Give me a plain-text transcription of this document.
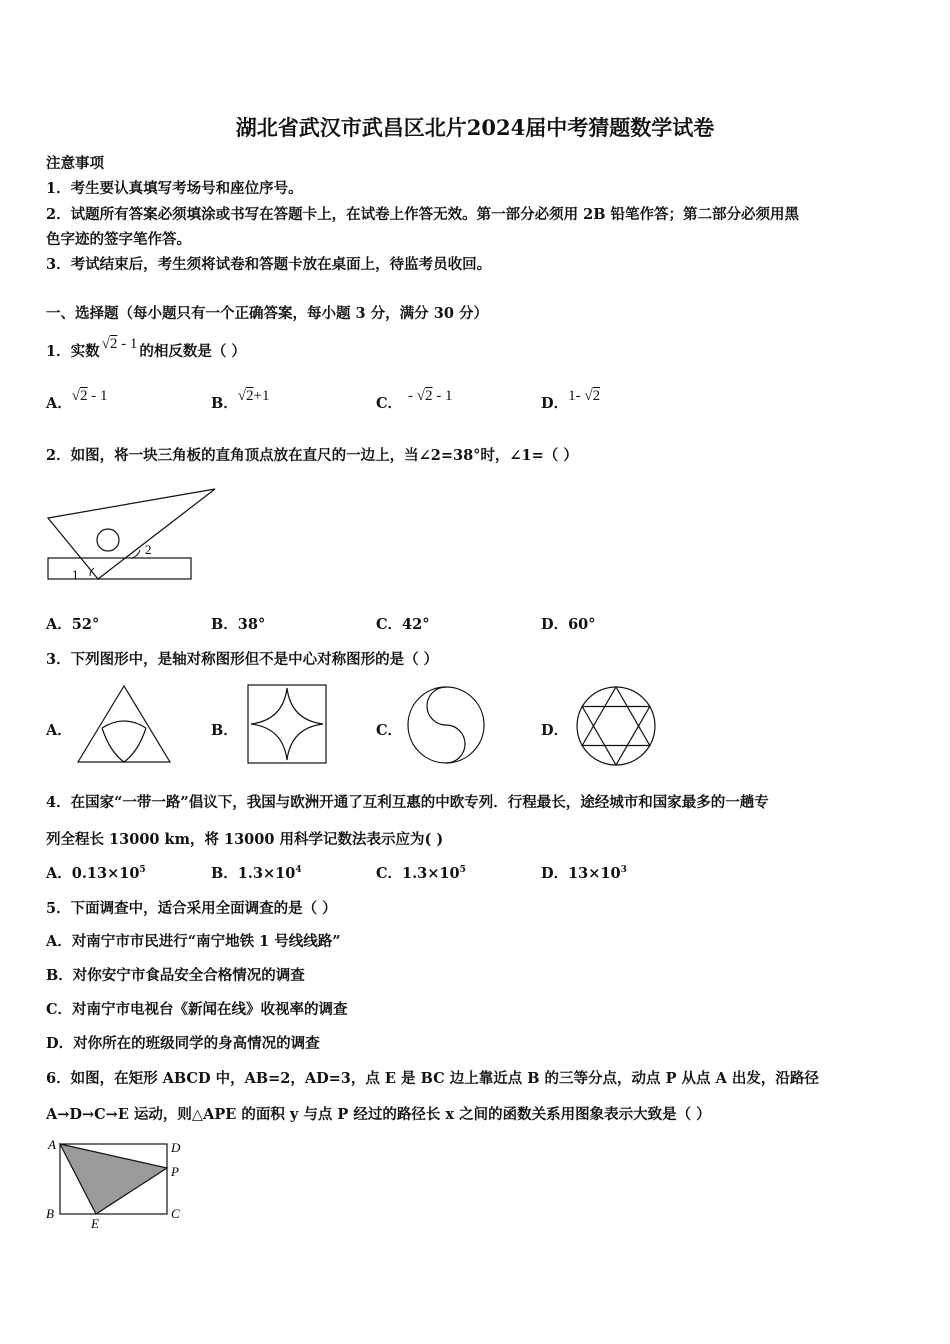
湖北省武汉市武昌区北片2024届中考猜题数学试卷
注意事项
1．考生要认真填写考场号和座位序号。
2．试题所有答案必须填涂或书写在答题卡上，在试卷上作答无效。第一部分必须用 2B 铅笔作答；第二部分必须用黑
色字迹的签字笔作答。
3．考试结束后，考生须将试卷和答题卡放在桌面上，待监考员收回。
一、选择题（每小题只有一个正确答案，每小题 3 分，满分 30 分）
1．实数 √2 - 1 的相反数是（ ）
A．√2 - 1	B．√2+1	C． - √2 - 1	D．1- √2
2．如图，将一块三角板的直角顶点放在直尺的一边上，当∠2=38°时，∠1=（ ）
1
2
A．52°	B．38°	C．42°	D．60°
3．下列图形中，是轴对称图形但不是中心对称图形的是（ ）
A．	B．	C．	D．
4．在国家“一带一路”倡议下，我国与欧洲开通了互利互惠的中欧专列．行程最长，途经城市和国家最多的一趟专
列全程长 13000 km，将 13000 用科学记数法表示应为( )
A．$0.13\times 10^5$	B．$1.3\times 10^4$	C．$1.3\times 10^5$	D．$13\times 10^3$
5．下面调查中，适合采用全面调查的是（ ）
A．对南宁市市民进行“南宁地铁 1 号线线路”
B．对你安宁市食品安全合格情况的调查
C．对南宁市电视台《新闻在线》收视率的调查
D．对你所在的班级同学的身高情况的调查
6．如图，在矩形 ABCD 中，AB=2，AD=3，点 E 是 BC 边上靠近点 B 的三等分点，动点 P 从点 A 出发，沿路径
A→D→C→E 运动，则△APE 的面积 y 与点 P 经过的路径长 x 之间的函数关系用图象表示大致是（ ）
A	D
P
B	C
E
